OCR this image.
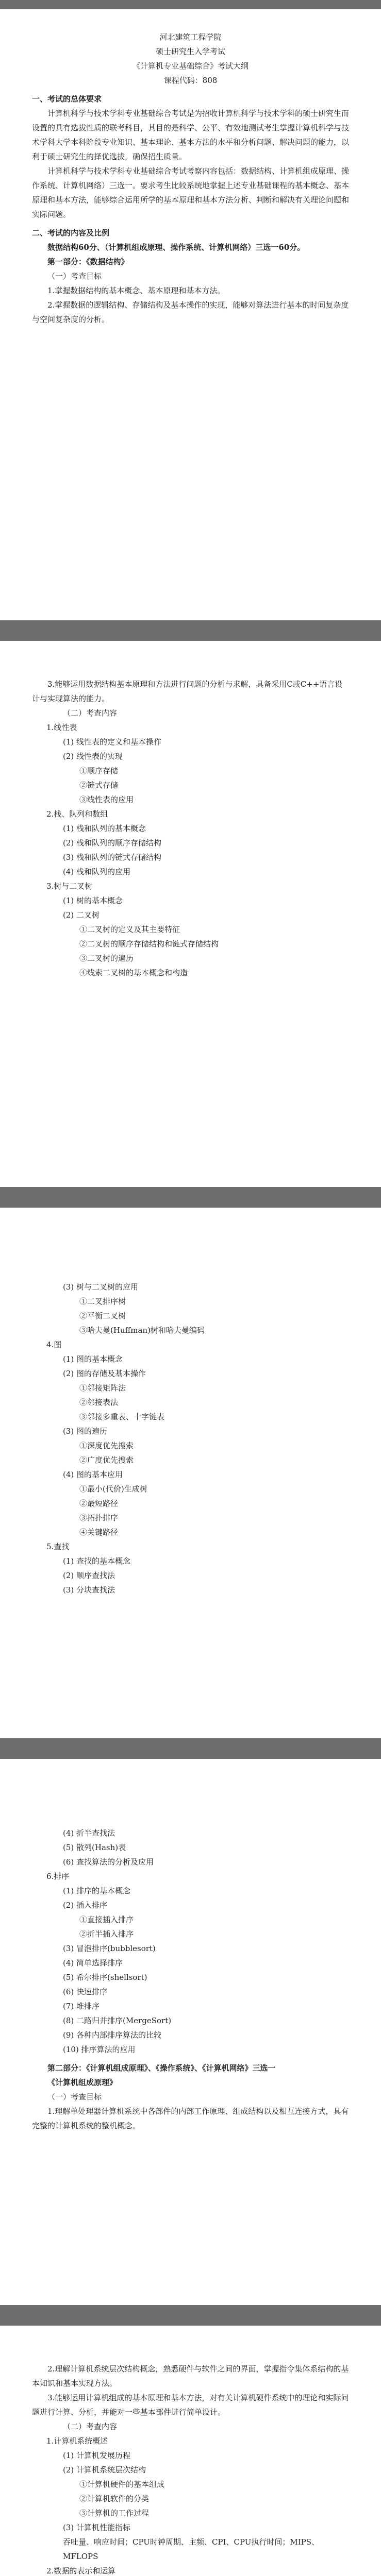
河北建筑工程学院

硕士研究生入学考试

《计算机专业基础综合》考试大纲

课程代码：808

一、考试的总体要求

计算机科学与技术学科专业基础综合考试是为招收计算机科学与技术学科的硕士研究生而设置的具有选拔性质的联考科目，其目的是科学、公平、有效地测试考生掌握计算机科学与技术学科大学本科阶段专业知识、基本理论、基本方法的水平和分析问题、解决问题的能力，以利于硕士研究生的择优选拔，确保招生质量。

计算机科学与技术学科专业基础综合考试考察内容包括：数据结构、计算机组成原理、操作系统、计算机网络）三选一。要求考生比较系统地掌握上述专业基础课程的基本概念、基本原理和基本方法，能够综合运用所学的基本原理和基本方法分析、判断和解决有关理论问题和实际问题。

二、考试的内容及比例

数据结构60分、（计算机组成原理、操作系统、计算机网络）三选一60分。

第一部分：《数据结构》

（一）考查目标

1.掌握数据结构的基本概念、基本原理和基本方法。

2.掌握数据的逻辑结构、存储结构及基本操作的实现，能够对算法进行基本的时间复杂度与空间复杂度的分析。

3.能够运用数据结构基本原理和方法进行问题的分析与求解，具备采用C或C++语言设计与实现算法的能力。

（二）考查内容

1.线性表

(1) 线性表的定义和基本操作

(2) 线性表的实现

①顺序存储

②链式存储

③线性表的应用

2.栈、队列和数组

(1) 栈和队列的基本概念

(2) 栈和队列的顺序存储结构

(3) 栈和队列的链式存储结构

(4) 栈和队列的应用

3.树与二叉树

(1) 树的基本概念

(2) 二叉树

①二叉树的定义及其主要特征

②二叉树的顺序存储结构和链式存储结构

③二叉树的遍历

④线索二叉树的基本概念和构造

(3) 树与二叉树的应用

①二叉排序树

②平衡二叉树

③哈夫曼(Huffman)树和哈夫曼编码

4.图

(1) 图的基本概念

(2) 图的存储及基本操作

①邻接矩阵法

②邻接表法

③邻接多重表、十字链表

(3) 图的遍历

①深度优先搜索

②广度优先搜索

(4) 图的基本应用

①最小(代价)生成树

②最短路径

③拓扑排序

④关键路径

5.查找

(1) 查找的基本概念

(2) 顺序查找法

(3) 分块查找法

(4) 折半查找法

(5) 散列(Hash)表

(6) 查找算法的分析及应用

6.排序

(1) 排序的基本概念

(2) 插入排序

①直接插入排序

②折半插入排序

(3) 冒泡排序(bubblesort)

(4) 简单选择排序

(5) 希尔排序(shellsort)

(6) 快速排序

(7) 堆排序

(8) 二路归并排序(MergeSort)

(9) 各种内部排序算法的比较

(10) 排序算法的应用

第二部分：《计算机组成原理》、《操作系统》、《计算机网络》三选一

《计算机组成原理》

（一）考查目标

1.理解单处理器计算机系统中各部件的内部工作原理、组成结构以及相互连接方式，具有完整的计算机系统的整机概念。

2.理解计算机系统层次结构概念，熟悉硬件与软件之间的界面，掌握指令集体系结构的基本知识和基本实现方法。

3.能够运用计算机组成的基本原理和基本方法，对有关计算机硬件系统中的理论和实际问题进行计算、分析，并能对一些基本部件进行简单设计。

（二）考查内容

1.计算机系统概述

(1) 计算机发展历程

(2) 计算机系统层次结构

①计算机硬件的基本组成

②计算机软件的分类

③计算机的工作过程

(3) 计算机性能指标

吞吐量、响应时间；CPU时钟周期、主频、CPI、CPU执行时间；MIPS、MFLOPS

2.数据的表示和运算
